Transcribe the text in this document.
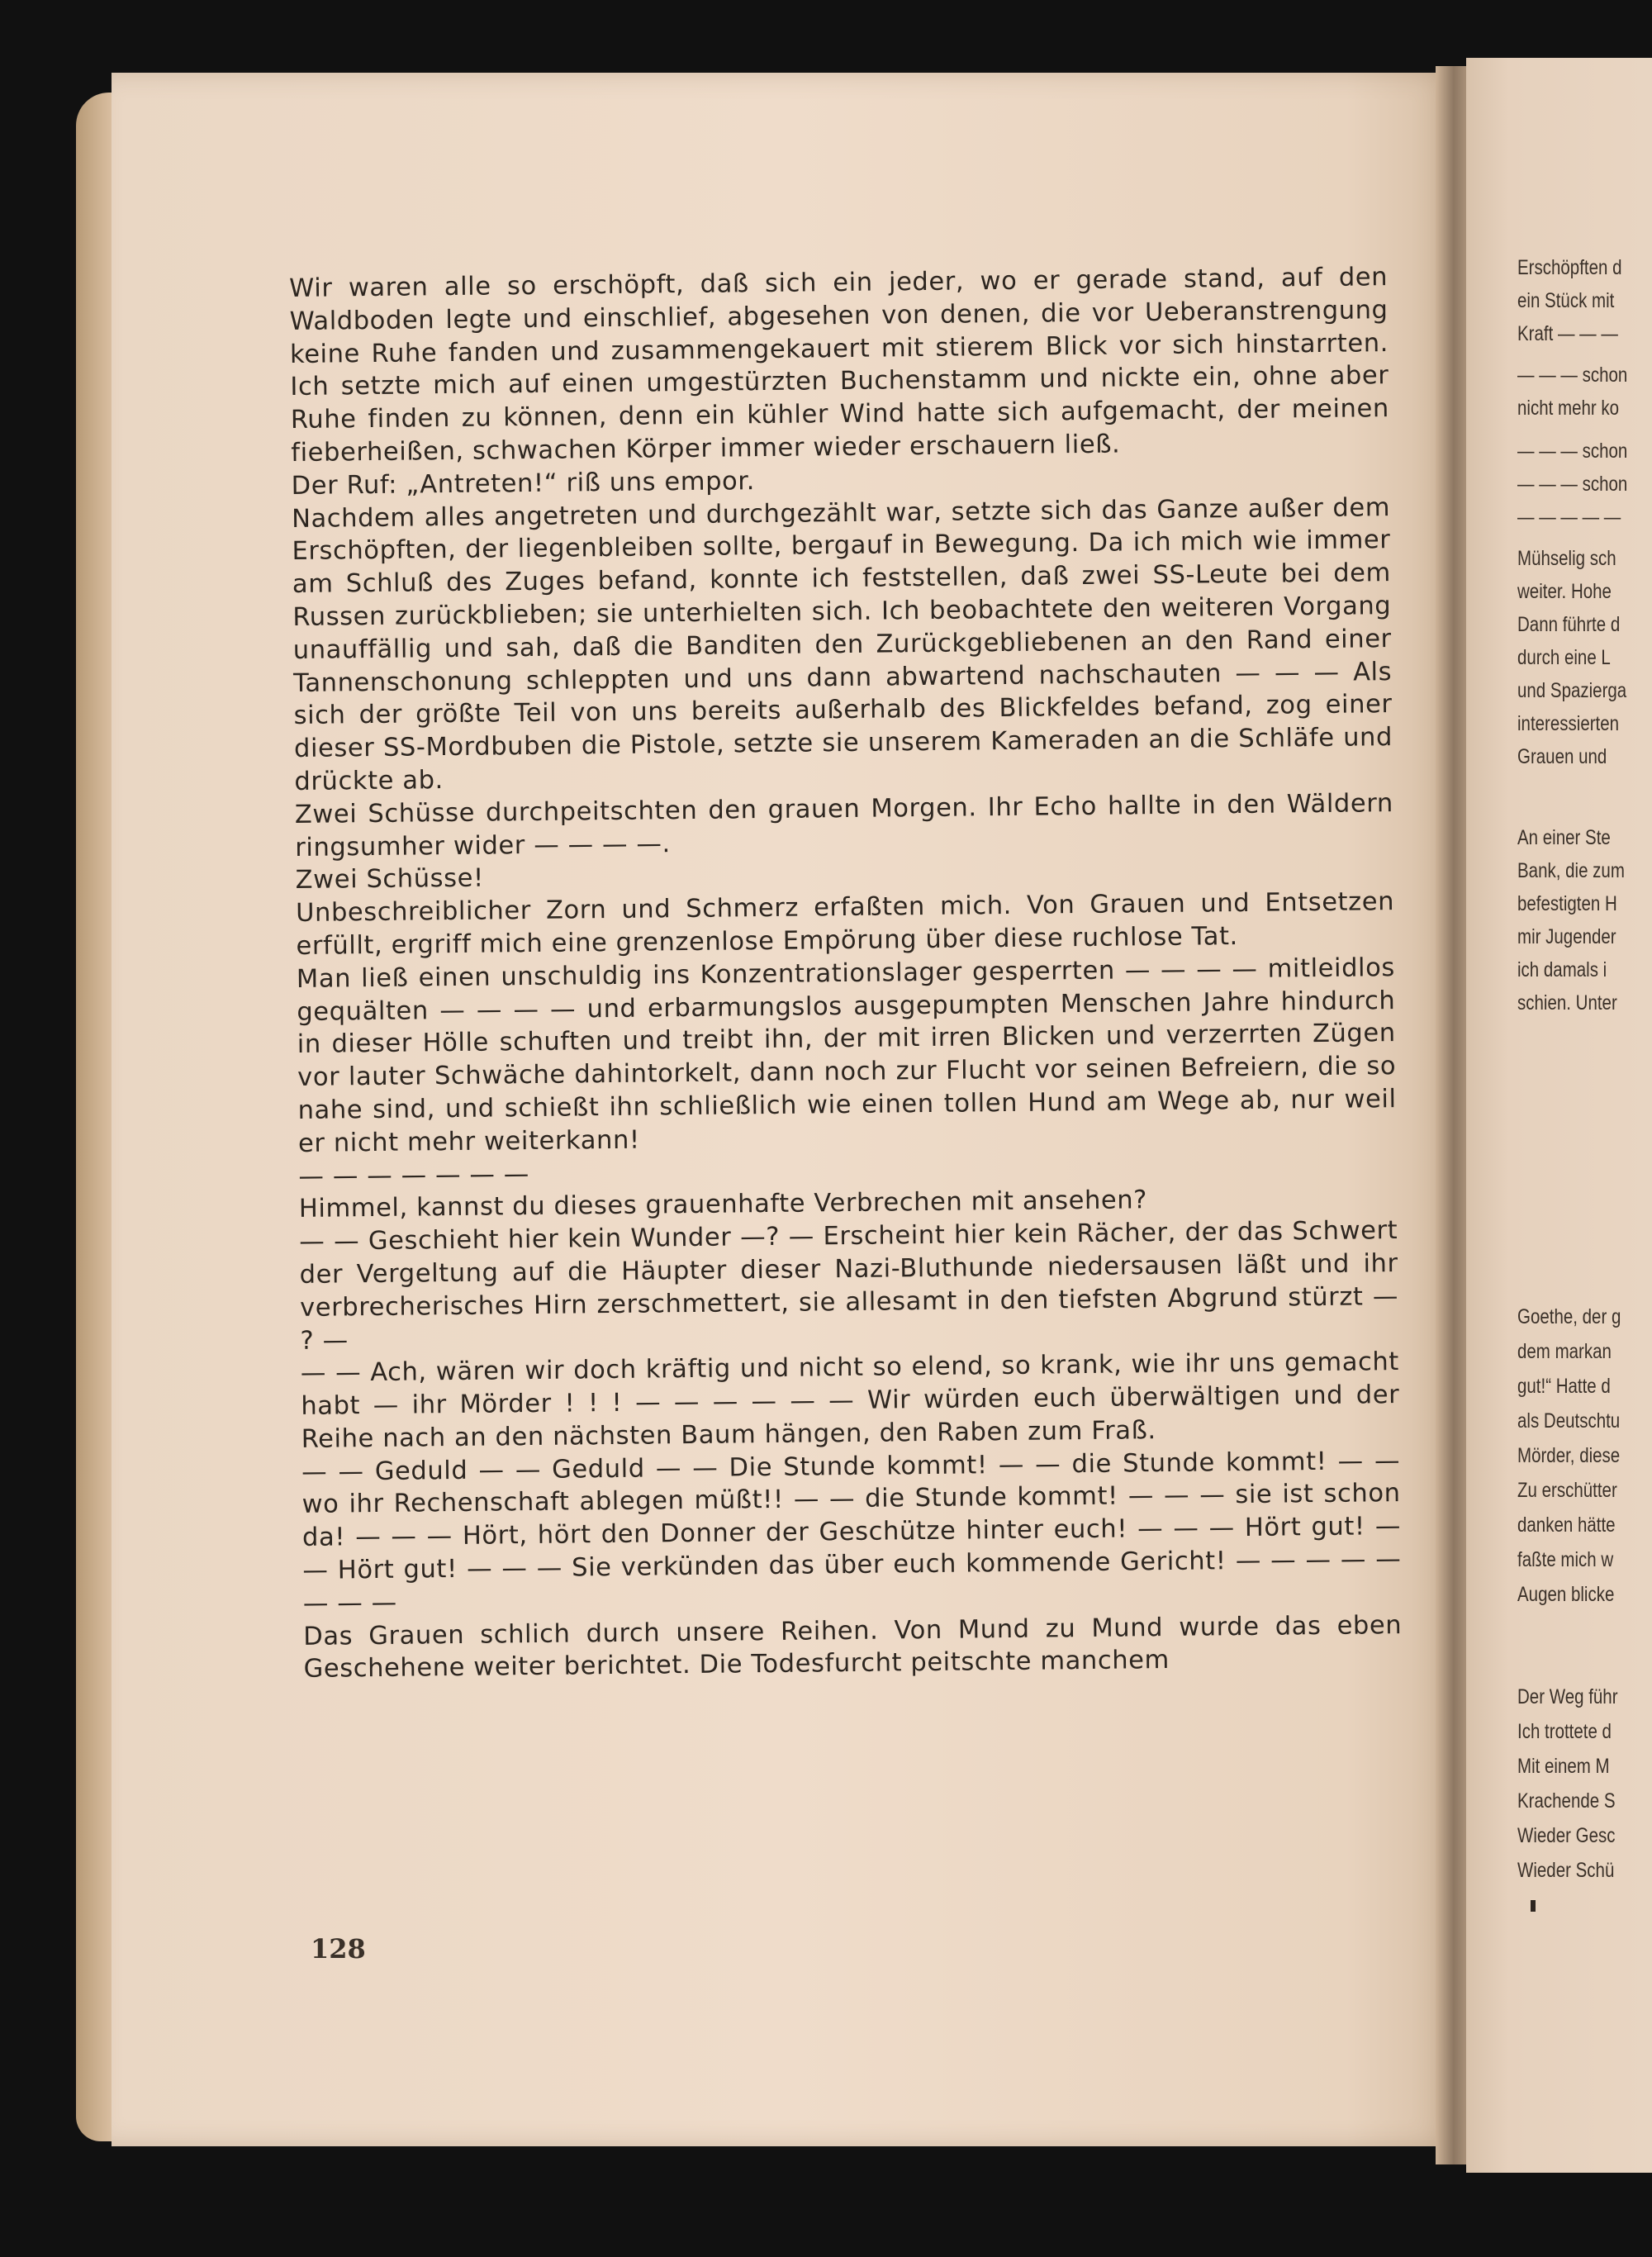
Wir waren alle so erschöpft, daß sich ein jeder, wo er gerade stand, auf den Waldboden legte und einschlief, abgesehen von denen, die vor Ueberanstrengung keine Ruhe fanden und zusammengekauert mit stierem Blick vor sich hinstarrten. Ich setzte mich auf einen umgestürzten Buchenstamm und nickte ein, ohne aber Ruhe finden zu können, denn ein kühler Wind hatte sich aufgemacht, der meinen fieberheißen, schwachen Körper immer wieder erschauern ließ.

Der Ruf: „Antreten!“ riß uns empor.

Nachdem alles angetreten und durchgezählt war, setzte sich das Ganze außer dem Erschöpften, der liegenbleiben sollte, bergauf in Bewegung. Da ich mich wie immer am Schluß des Zuges befand, konnte ich feststellen, daß zwei SS-Leute bei dem Russen zurückblieben; sie unterhielten sich. Ich beobachtete den weiteren Vorgang unauffällig und sah, daß die Banditen den Zurückgebliebenen an den Rand einer Tannenschonung schleppten und uns dann abwartend nachschauten — — — Als sich der größte Teil von uns bereits außerhalb des Blickfeldes befand, zog einer dieser SS-Mordbuben die Pistole, setzte sie unserem Kameraden an die Schläfe und drückte ab.

Zwei Schüsse durchpeitschten den grauen Morgen. Ihr Echo hallte in den Wäldern ringsumher wider — — — —.

Zwei Schüsse!

Unbeschreiblicher Zorn und Schmerz erfaßten mich. Von Grauen und Entsetzen erfüllt, ergriff mich eine grenzenlose Empörung über diese ruchlose Tat.

Man ließ einen unschuldig ins Konzentrationslager gesperrten — — — — mitleidlos gequälten — — — — und erbarmungslos ausgepumpten Menschen Jahre hindurch in dieser Hölle schuften und treibt ihn, der mit irren Blicken und verzerrten Zügen vor lauter Schwäche dahintorkelt, dann noch zur Flucht vor seinen Befreiern, die so nahe sind, und schießt ihn schließlich wie einen tollen Hund am Wege ab, nur weil er nicht mehr weiterkann!

— — — — — — —

Himmel, kannst du dieses grauenhafte Verbrechen mit ansehen?

— — Geschieht hier kein Wunder —? — Erscheint hier kein Rächer, der das Schwert der Vergeltung auf die Häupter dieser Nazi-Bluthunde niedersausen läßt und ihr verbrecherisches Hirn zerschmettert, sie allesamt in den tiefsten Abgrund stürzt — ? —

— — Ach, wären wir doch kräftig und nicht so elend, so krank, wie ihr uns gemacht habt — ihr Mörder ! ! ! — — — — — — Wir würden euch überwältigen und der Reihe nach an den nächsten Baum hängen, den Raben zum Fraß.

— — Geduld — — Geduld — — Die Stunde kommt! — — die Stunde kommt! — — wo ihr Rechenschaft ablegen müßt!! — — die Stunde kommt! — — — sie ist schon da! — — — Hört, hört den Donner der Geschütze hinter euch! — — — Hört gut! — — Hört gut! — — — Sie verkünden das über euch kommende Gericht! — — — — — — — —

Das Grauen schlich durch unsere Reihen. Von Mund zu Mund wurde das eben Geschehene weiter berichtet. Die Todesfurcht peitschte manchem

128
Erschöpften d
ein Stück mit
Kraft — — —
— — — schon
nicht mehr ko
— — — schon
— — — schon
— — — — —
Mühselig sch
weiter. Hohe
Dann führte d
durch eine L
und Spazierga
interessierten
Grauen und
An einer Ste
Bank, die zum
befestigten H
mir Jugender
ich damals i
schien. Unter
Goethe, der g
dem markan
gut!“ Hatte d
als Deutschtu
Mörder, diese
Zu erschütter
danken hätte
faßte mich w
Augen blicke
Der Weg führ
Ich trottete d
Mit einem M
Krachende S
Wieder Gesc
Wieder Schü
